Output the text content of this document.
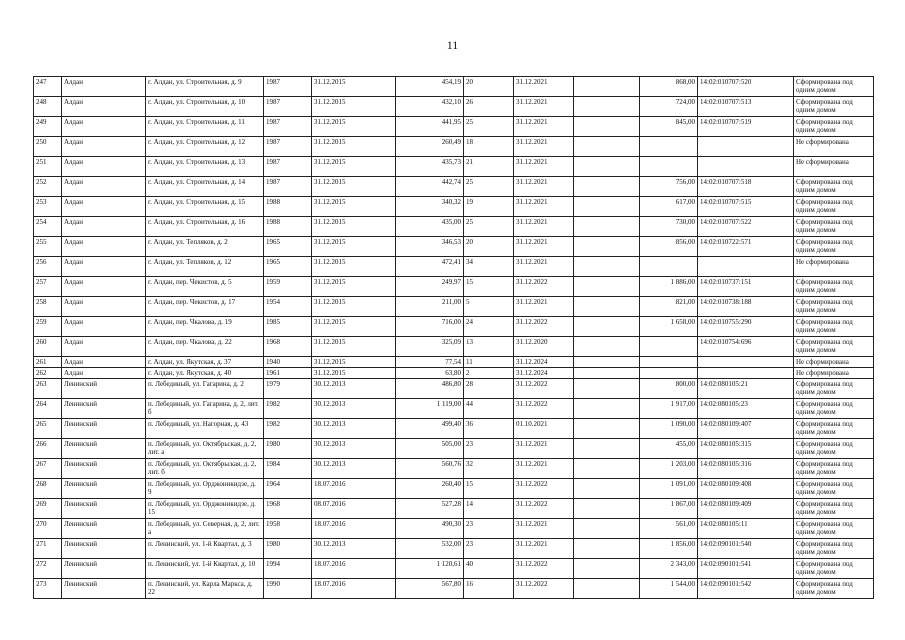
11
247	Алдан	г. Алдан, ул. Строительная, д. 9	1987	31.12.2015	454,19	20	31.12.2021		868,00	14:02:010707:520	Сформирована под одним домом
248	Алдан	г. Алдан, ул. Строительная, д. 10	1987	31.12.2015	432,10	26	31.12.2021		724,00	14:02:010707:513	Сформирована под одним домом
249	Алдан	г. Алдан, ул. Строительная, д. 11	1987	31.12.2015	441,95	25	31.12.2021		845,00	14:02:010707:519	Сформирована под одним домом
250	Алдан	г. Алдан, ул. Строительная, д. 12	1987	31.12.2015	260,49	18	31.12.2021				Не сформирована
251	Алдан	г. Алдан, ул. Строительная, д. 13	1987	31.12.2015	435,73	21	31.12.2021				Не сформирована
252	Алдан	г. Алдан, ул. Строительная, д. 14	1987	31.12.2015	442,74	25	31.12.2021		756,00	14:02:010707:518	Сформирована под одним домом
253	Алдан	г. Алдан, ул. Строительная, д. 15	1988	31.12.2015	340,32	19	31.12.2021		617,00	14:02:010707:515	Сформирована под одним домом
254	Алдан	г. Алдан, ул. Строительная, д. 16	1988	31.12.2015	435,00	25	31.12.2021		730,00	14:02:010707:522	Сформирована под одним домом
255	Алдан	г. Алдан, ул. Тепляков, д. 2	1965	31.12.2015	346,53	20	31.12.2021		856,00	14:02:010722:571	Сформирована под одним домом
256	Алдан	г. Алдан, ул. Тепляков, д. 12	1965	31.12.2015	472,41	34	31.12.2021				Не сформирована
257	Алдан	г. Алдан, пер. Чекистов, д. 5	1959	31.12.2015	249,97	15	31.12.2022		1 886,00	14:02:010737:151	Сформирована под одним домом
258	Алдан	г. Алдан, пер. Чекистов, д. 17	1954	31.12.2015	211,00	5	31.12.2021		821,00	14:02:010738:188	Сформирована под одним домом
259	Алдан	г. Алдан, пер. Чкалова, д. 19	1985	31.12.2015	716,00	24	31.12.2022		1 658,00	14:02:010755:290	Сформирована под одним домом
260	Алдан	г. Алдан, пер. Чкалова, д. 22	1968	31.12.2015	325,09	13	31.12.2020			14:02:010754:696	Сформирована под одним домом
261	Алдан	г. Алдан, ул. Якутская, д. 37	1940	31.12.2015	77,54	11	31.12.2024				Не сформирована
262	Алдан	г. Алдан, ул. Якутская, д. 40	1961	31.12.2015	63,80	2	31.12.2024				Не сформирована
263	Ленинский	п. Лебединый, ул. Гагарина, д. 2	1979	30.12.2013	486,80	28	31.12.2022		800,00	14:02:080105:21	Сформирована под одним домом
264	Ленинский	п. Лебединый, ул. Гагарина, д. 2, лит. б	1982	30.12.2013	1 119,00	44	31.12.2022		1 917,00	14:02:080105:23	Сформирована под одним домом
265	Ленинский	п. Лебединый, ул. Нагорная, д. 43	1982	30.12.2013	499,40	36	01.10.2021		1 090,00	14:02:080109:407	Сформирована под одним домом
266	Ленинский	п. Лебединый, ул. Октябрьская, д. 2, лит. а	1980	30.12.2013	505,00	23	31.12.2021		455,00	14:02:080105:315	Сформирована под одним домом
267	Ленинский	п. Лебединый, ул. Октябрьская, д. 2, лит. б	1984	30.12.2013	560,76	32	31.12.2021		1 203,00	14:02:080105:316	Сформирована под одним домом
268	Ленинский	п. Лебединый, ул. Орджоникидзе, д. 9	1964	18.07.2016	260,40	15	31.12.2022		1 091,00	14:02:080109:408	Сформирована под одним домом
269	Ленинский	п. Лебединый, ул. Орджоникидзе, д. 15	1968	08.07.2016	527,28	14	31.12.2022		1 867,00	14:02:080109:409	Сформирована под одним домом
270	Ленинский	п. Лебединый, ул. Северная, д. 2, лит. а	1958	18.07.2016	490,30	23	31.12.2021		561,00	14:02:080105:11	Сформирована под одним домом
271	Ленинский	п. Ленинский, ул. 1-й Квартал, д. 3	1980	30.12.2013	532,00	23	31.12.2021		1 856,00	14:02:090101:540	Сформирована под одним домом
272	Ленинский	п. Ленинский, ул. 1-й Квартал, д. 10	1994	18.07.2016	1 120,61	40	31.12.2022		2 343,00	14:02:090101:541	Сформирована под одним домом
273	Ленинский	п. Ленинский, ул. Карла Маркса, д. 22	1990	18.07.2016	567,80	16	31.12.2022		1 544,00	14:02:090101:542	Сформирована под одним домом
